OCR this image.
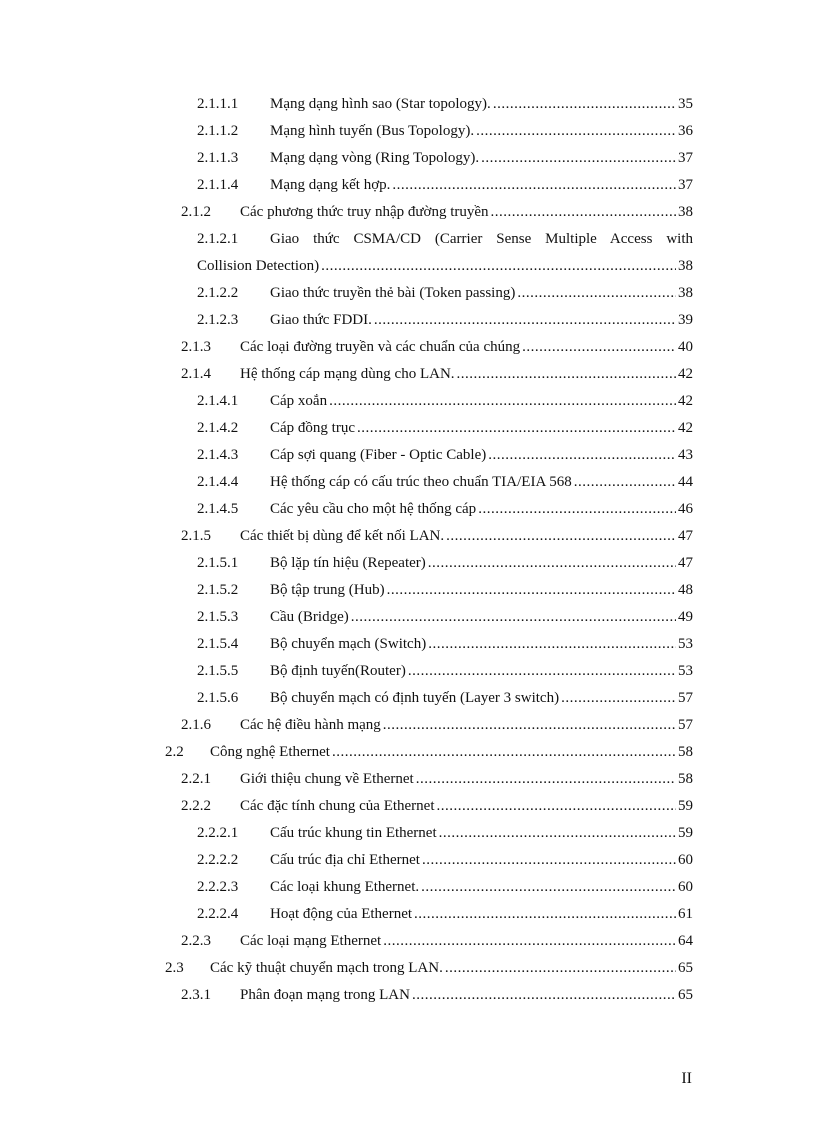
2.1.1.1 Mạng dạng hình sao (Star topology). .....	35
2.1.1.2 Mạng hình tuyến (Bus Topology). .....	36
2.1.1.3 Mạng dạng vòng (Ring Topology). .....	37
2.1.1.4 Mạng dạng kết hợp. .....	37
2.1.2 Các phương thức truy nhập đường truyền .....	38
2.1.2.1 Giao thức CSMA/CD (Carrier Sense Multiple Access with
Collision Detection) .....	38
2.1.2.2 Giao thức truyền thẻ bài (Token passing) .....	38
2.1.2.3 Giao thức FDDI. .....	39
2.1.3 Các loại đường truyền và các chuẩn của chúng .....	40
2.1.4 Hệ thống cáp mạng dùng cho LAN. .....	42
2.1.4.1 Cáp xoắn .....	42
2.1.4.2 Cáp đồng trục .....	42
2.1.4.3 Cáp sợi quang (Fiber - Optic Cable) .....	43
2.1.4.4 Hệ thống cáp có cấu trúc theo chuẩn TIA/EIA 568 .....	44
2.1.4.5 Các yêu cầu cho một hệ thống cáp .....	46
2.1.5 Các thiết bị dùng để kết nối LAN. .....	47
2.1.5.1 Bộ lặp tín hiệu (Repeater) .....	47
2.1.5.2 Bộ tập trung (Hub) .....	48
2.1.5.3 Cầu (Bridge) .....	49
2.1.5.4 Bộ chuyển mạch (Switch) .....	53
2.1.5.5 Bộ định tuyến(Router) .....	53
2.1.5.6 Bộ chuyển mạch có định tuyến (Layer 3 switch) .....	57
2.1.6 Các hệ điều hành mạng .....	57
2.2 Công nghệ Ethernet .....	58
2.2.1 Giới thiệu chung về Ethernet .....	58
2.2.2 Các đặc tính chung của Ethernet .....	59
2.2.2.1 Cấu trúc khung tin Ethernet .....	59
2.2.2.2 Cấu trúc địa chỉ Ethernet .....	60
2.2.2.3 Các loại khung Ethernet. .....	60
2.2.2.4 Hoạt động của Ethernet .....	61
2.2.3 Các loại mạng Ethernet .....	64
2.3 Các kỹ thuật chuyển mạch trong LAN. .....	65
2.3.1 Phân đoạn mạng trong LAN .....	65
II
